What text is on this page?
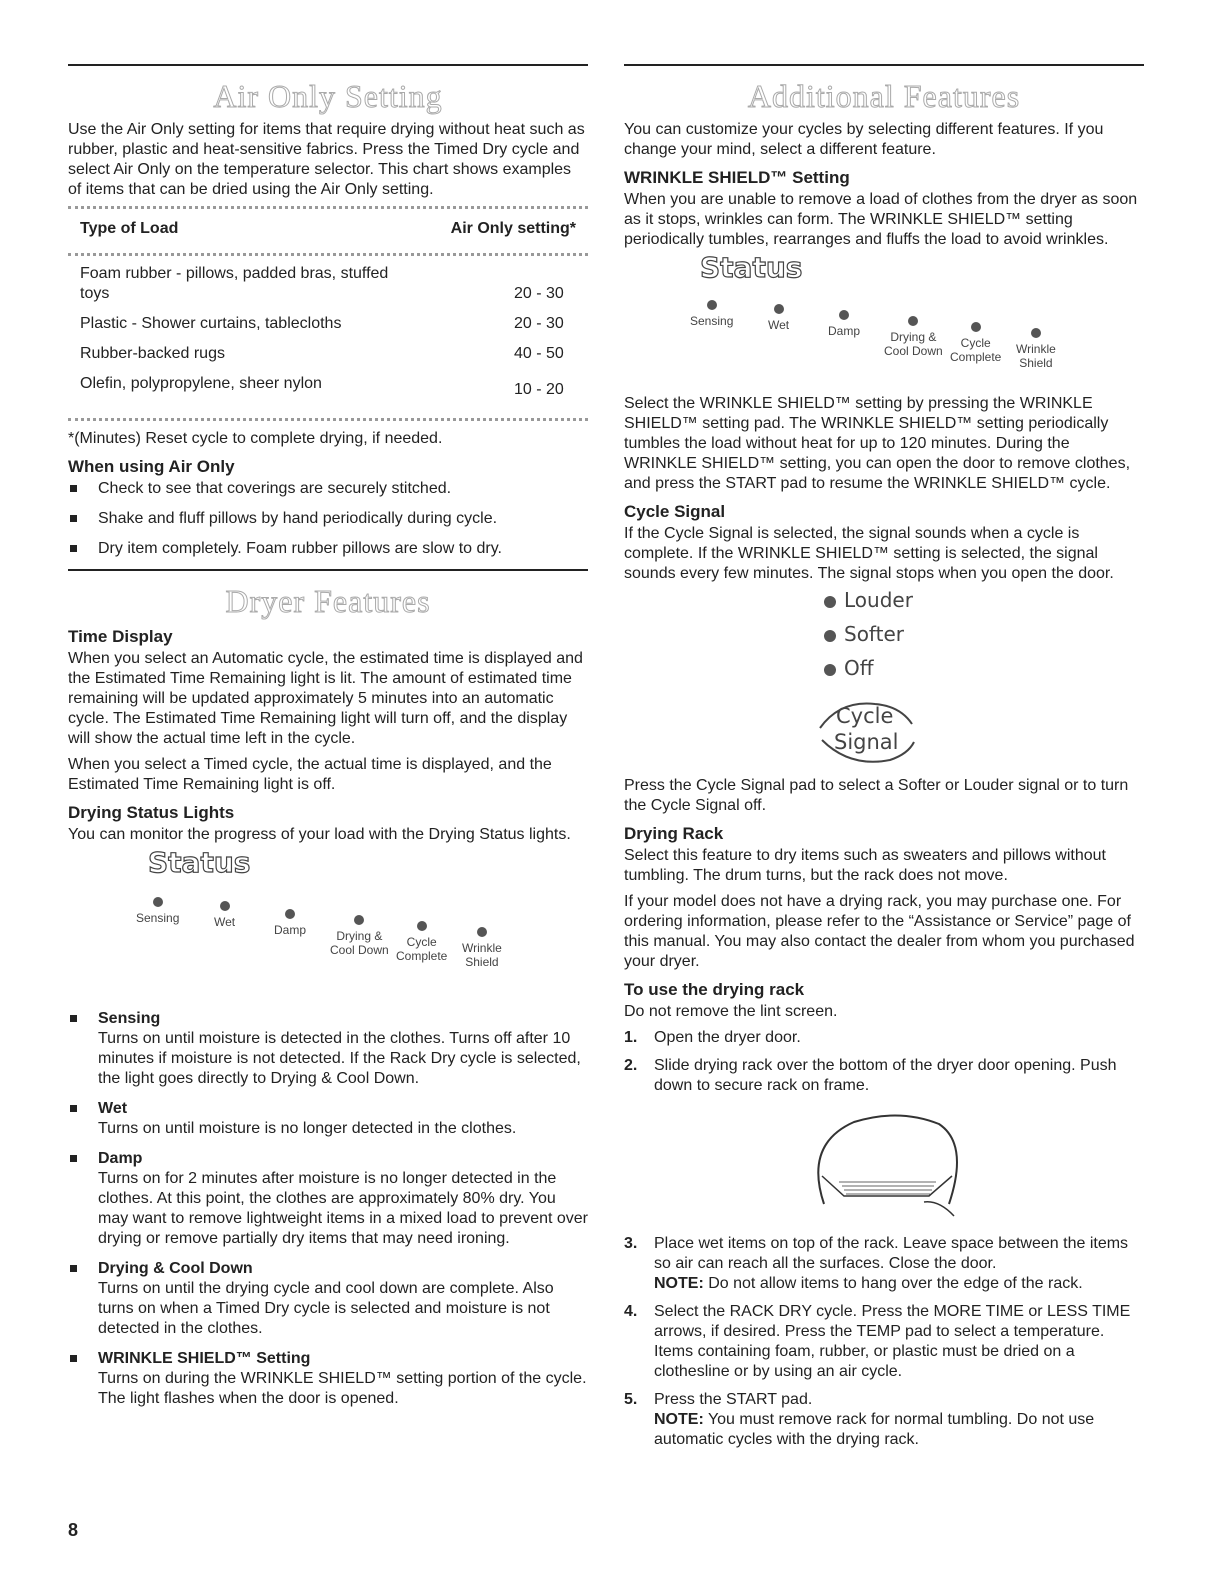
Air Only Setting

Use the Air Only setting for items that require drying without heat such as rubber, plastic and heat-sensitive fabrics. Press the Timed Dry cycle and select Air Only on the temperature selector. This chart shows examples of items that can be dried using the Air Only setting.

Type of Load	Air Only setting*
Foam rubber - pillows, padded bras, stuffed toys	20 - 30
Plastic - Shower curtains, tablecloths	20 - 30
Rubber-backed rugs	40 - 50
Olefin, polypropylene, sheer nylon	10 - 20

*(Minutes) Reset cycle to complete drying, if needed.

When using Air Only
Check to see that coverings are securely stitched.
Shake and fluff pillows by hand periodically during cycle.
Dry item completely. Foam rubber pillows are slow to dry.
Dryer Features
Time Display

When you select an Automatic cycle, the estimated time is displayed and the Estimated Time Remaining light is lit. The amount of estimated time remaining will be updated approximately 5 minutes into an automatic cycle. The Estimated Time Remaining light will turn off, and the display will show the actual time left in the cycle.

When you select a Timed cycle, the actual time is displayed, and the Estimated Time Remaining light is off.

Drying Status Lights

You can monitor the progress of your load with the Drying Status lights.

Status
Sensing	Wet
Damp	Drying &
Cool Down
Cycle
Complete
Wrinkle
Shield
Sensing
Turns on until moisture is detected in the clothes. Turns off after 10 minutes if moisture is not detected. If the Rack Dry cycle is selected, the light goes directly to Drying & Cool Down.
Wet
Turns on until moisture is no longer detected in the clothes.
Damp
Turns on for 2 minutes after moisture is no longer detected in the clothes. At this point, the clothes are approximately 80% dry. You may want to remove lightweight items in a mixed load to prevent over drying or remove partially dry items that may need ironing.
Drying & Cool Down
Turns on until the drying cycle and cool down are complete. Also turns on when a Timed Dry cycle is selected and moisture is not detected in the clothes.
WRINKLE SHIELD™ Setting
Turns on during the WRINKLE SHIELD™ setting portion of the cycle. The light flashes when the door is opened.
Additional Features

You can customize your cycles by selecting different features. If you change your mind, select a different feature.

WRINKLE SHIELD™ Setting

When you are unable to remove a load of clothes from the dryer as soon as it stops, wrinkles can form. The WRINKLE SHIELD™ setting periodically tumbles, rearranges and fluffs the load to avoid wrinkles.

Status
Sensing	Wet	Damp	Drying &
Cool Down
Cycle
Complete
Wrinkle
Shield

Select the WRINKLE SHIELD™ setting by pressing the WRINKLE SHIELD™ setting pad. The WRINKLE SHIELD™ setting periodically tumbles the load without heat for up to 120 minutes. During the WRINKLE SHIELD™ setting, you can open the door to remove clothes, and press the START pad to resume the WRINKLE SHIELD™ cycle.

Cycle Signal

If the Cycle Signal is selected, the signal sounds when a cycle is complete. If the WRINKLE SHIELD™ setting is selected, the signal sounds every few minutes. The signal stops when you open the door.

Louder
Softer
Off
Cycle
Signal

Press the Cycle Signal pad to select a Softer or Louder signal or to turn the Cycle Signal off.

Drying Rack

Select this feature to dry items such as sweaters and pillows without tumbling. The drum turns, but the rack does not move.

If your model does not have a drying rack, you may purchase one. For ordering information, please refer to the “Assistance or Service” page of this manual. You may also contact the dealer from whom you purchased your dryer.

To use the drying rack

Do not remove the lint screen.

1. Open the dryer door.
2. Slide drying rack over the bottom of the dryer door opening. Push down to secure rack on frame.
3. Place wet items on top of the rack. Leave space between the items so air can reach all the surfaces. Close the door.
NOTE: Do not allow items to hang over the edge of the rack.
4. Select the RACK DRY cycle. Press the MORE TIME or LESS TIME arrows, if desired. Press the TEMP pad to select a temperature. Items containing foam, rubber, or plastic must be dried on a clothesline or by using an air cycle.
5. Press the START pad.
NOTE: You must remove rack for normal tumbling. Do not use automatic cycles with the drying rack.
8
